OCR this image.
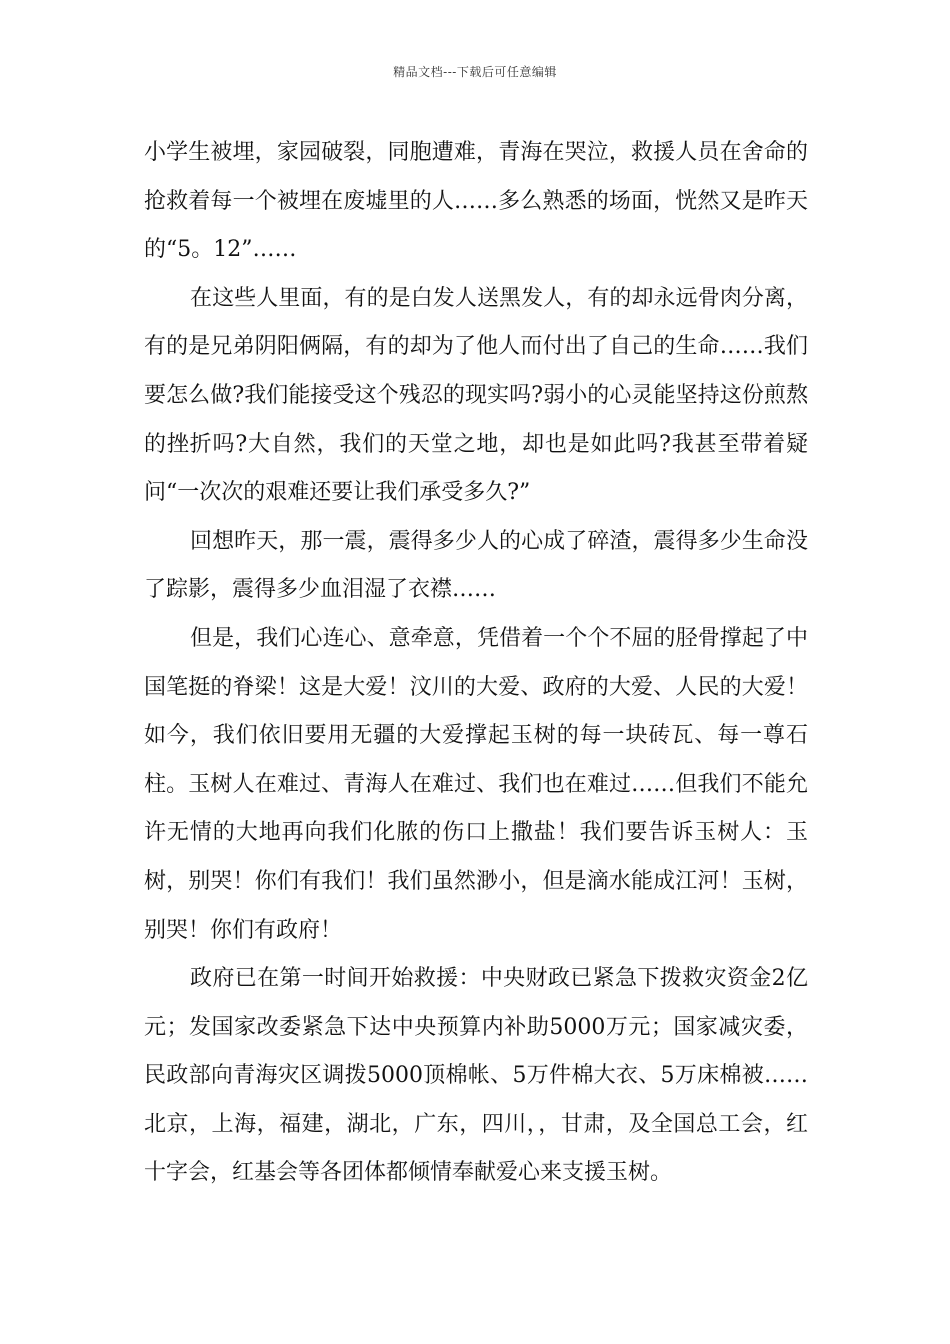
精品文档---下载后可任意编辑

小学生被埋，家园破裂，同胞遭难，青海在哭泣，救援人员在舍命的抢救着每一个被埋在废墟里的人……多么熟悉的场面，恍然又是昨天的“5。12”……

在这些人里面，有的是白发人送黑发人，有的却永远骨肉分离，有的是兄弟阴阳俩隔，有的却为了他人而付出了自己的生命……我们要怎么做?我们能接受这个残忍的现实吗?弱小的心灵能坚持这份煎熬的挫折吗?大自然，我们的天堂之地，却也是如此吗?我甚至带着疑问“一次次的艰难还要让我们承受多久?”

回想昨天，那一震，震得多少人的心成了碎渣，震得多少生命没了踪影，震得多少血泪湿了衣襟……

但是，我们心连心、意牵意，凭借着一个个不屈的胫骨撑起了中国笔挺的脊梁！这是大爱！汶川的大爱、政府的大爱、人民的大爱！如今，我们依旧要用无疆的大爱撑起玉树的每一块砖瓦、每一尊石柱。玉树人在难过、青海人在难过、我们也在难过……但我们不能允许无情的大地再向我们化脓的伤口上撒盐！我们要告诉玉树人：玉树，别哭！你们有我们！我们虽然渺小，但是滴水能成江河！玉树，别哭！你们有政府！

政府已在第一时间开始救援：中央财政已紧急下拨救灾资金2亿元；发国家改委紧急下达中央预算内补助5000万元；国家减灾委，民政部向青海灾区调拨5000顶棉帐、5万件棉大衣、5万床棉被……北京，上海，福建，湖北，广东，四川，，甘肃，及全国总工会，红十字会，红基会等各团体都倾情奉献爱心来支援玉树。
